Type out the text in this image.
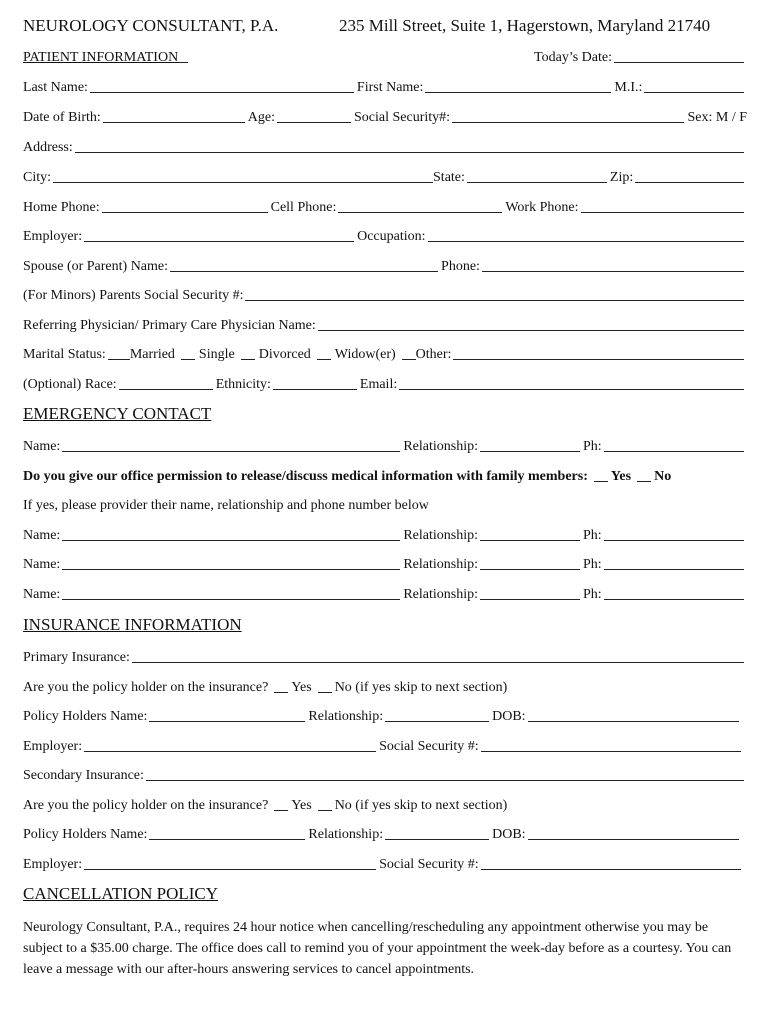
NEUROLOGY CONSULTANT, P.A.	235 Mill Street, Suite 1, Hagerstown, Maryland 21740
PATIENT INFORMATION	Today’s Date:
Last Name:	First Name:	M.I.:
Date of Birth:	Age:	Social Security#:	Sex: M / F
Address:
City:	State:	Zip:
Home Phone:	Cell Phone:	Work Phone:
Employer:	Occupation:
Spouse (or Parent) Name:	Phone:
(For Minors) Parents Social Security #:
Referring Physician/ Primary Care Physician Name:
Marital Status: Married Single Divorced Widow(er) Other:
(Optional) Race:	Ethnicity:	Email:
EMERGENCY CONTACT
Name:	Relationship:	Ph:
Do you give our office permission to release/discuss medical information with family members: Yes No
If yes, please provider their name, relationship and phone number below
Name:	Relationship:	Ph:
Name:	Relationship:	Ph:
Name:	Relationship:	Ph:
INSURANCE INFORMATION
Primary Insurance:
Are you the policy holder on the insurance? Yes No (if yes skip to next section)
Policy Holders Name:	Relationship:	DOB:
Employer:	Social Security #:
Secondary Insurance:
Are you the policy holder on the insurance? Yes No (if yes skip to next section)
Policy Holders Name:	Relationship:	DOB:
Employer:	Social Security #:
CANCELLATION POLICY
Neurology Consultant, P.A., requires 24 hour notice when cancelling/rescheduling any appointment otherwise you may be subject to a $35.00 charge. The office does call to remind you of your appointment the week-day before as a courtesy. You can leave a message with our after-hours answering services to cancel appointments.
